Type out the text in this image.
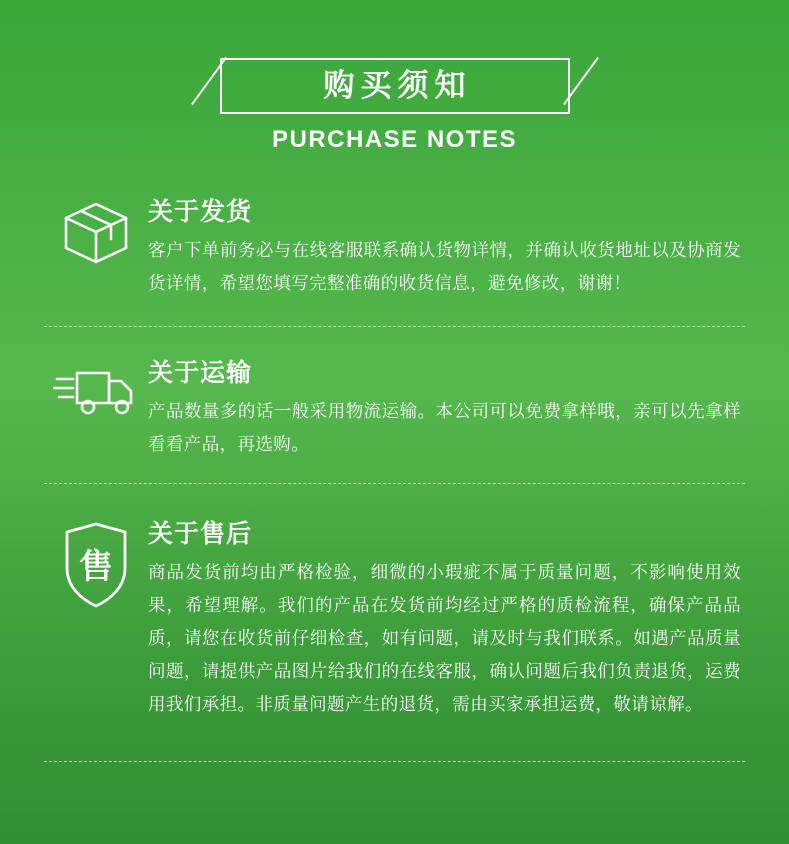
购买须知
PURCHASE NOTES
关于发货
客户下单前务必与在线客服联系确认货物详情，并确认收货地址以及协商发货详情，希望您填写完整准确的收货信息，避免修改，谢谢！
关于运输
产品数量多的话一般采用物流运输。本公司可以免费拿样哦，亲可以先拿样看看产品，再选购。
售
关于售后
商品发货前均由严格检验，细微的小瑕疵不属于质量问题，不影响使用效果，希望理解。我们的产品在发货前均经过严格的质检流程，确保产品品质，请您在收货前仔细检查，如有问题，请及时与我们联系。如遇产品质量问题，请提供产品图片给我们的在线客服，确认问题后我们负责退货，运费用我们承担。非质量问题产生的退货，需由买家承担运费，敬请谅解。
